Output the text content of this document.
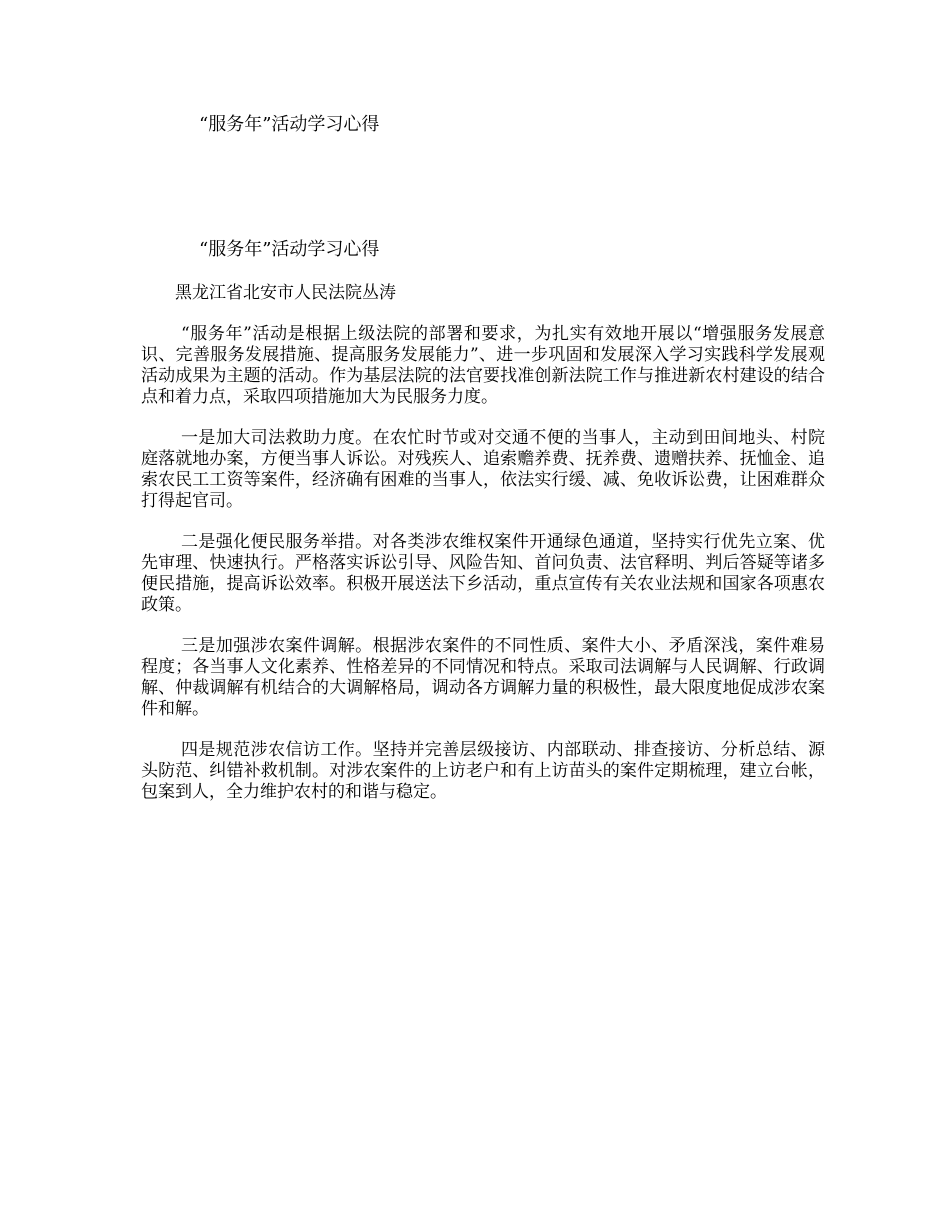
“服务年”活动学习心得
“服务年”活动学习心得
黑龙江省北安市人民法院丛涛

“服务年”活动是根据上级法院的部署和要求，为扎实有效地开展以“增强服务发展意识、完善服务发展措施、提高服务发展能力”、进一步巩固和发展深入学习实践科学发展观活动成果为主题的活动。作为基层法院的法官要找准创新法院工作与推进新农村建设的结合点和着力点，采取四项措施加大为民服务力度。

一是加大司法救助力度。在农忙时节或对交通不便的当事人，主动到田间地头、村院庭落就地办案，方便当事人诉讼。对残疾人、追索赡养费、抚养费、遗赠扶养、抚恤金、追索农民工工资等案件，经济确有困难的当事人，依法实行缓、减、免收诉讼费，让困难群众打得起官司。

二是强化便民服务举措。对各类涉农维权案件开通绿色通道，坚持实行优先立案、优先审理、快速执行。严格落实诉讼引导、风险告知、首问负责、法官释明、判后答疑等诸多便民措施，提高诉讼效率。积极开展送法下乡活动，重点宣传有关农业法规和国家各项惠农政策。

三是加强涉农案件调解。根据涉农案件的不同性质、案件大小、矛盾深浅，案件难易程度；各当事人文化素养、性格差异的不同情况和特点。采取司法调解与人民调解、行政调解、仲裁调解有机结合的大调解格局，调动各方调解力量的积极性，最大限度地促成涉农案件和解。

四是规范涉农信访工作。坚持并完善层级接访、内部联动、排查接访、分析总结、源头防范、纠错补救机制。对涉农案件的上访老户和有上访苗头的案件定期梳理，建立台帐，包案到人，全力维护农村的和谐与稳定。
